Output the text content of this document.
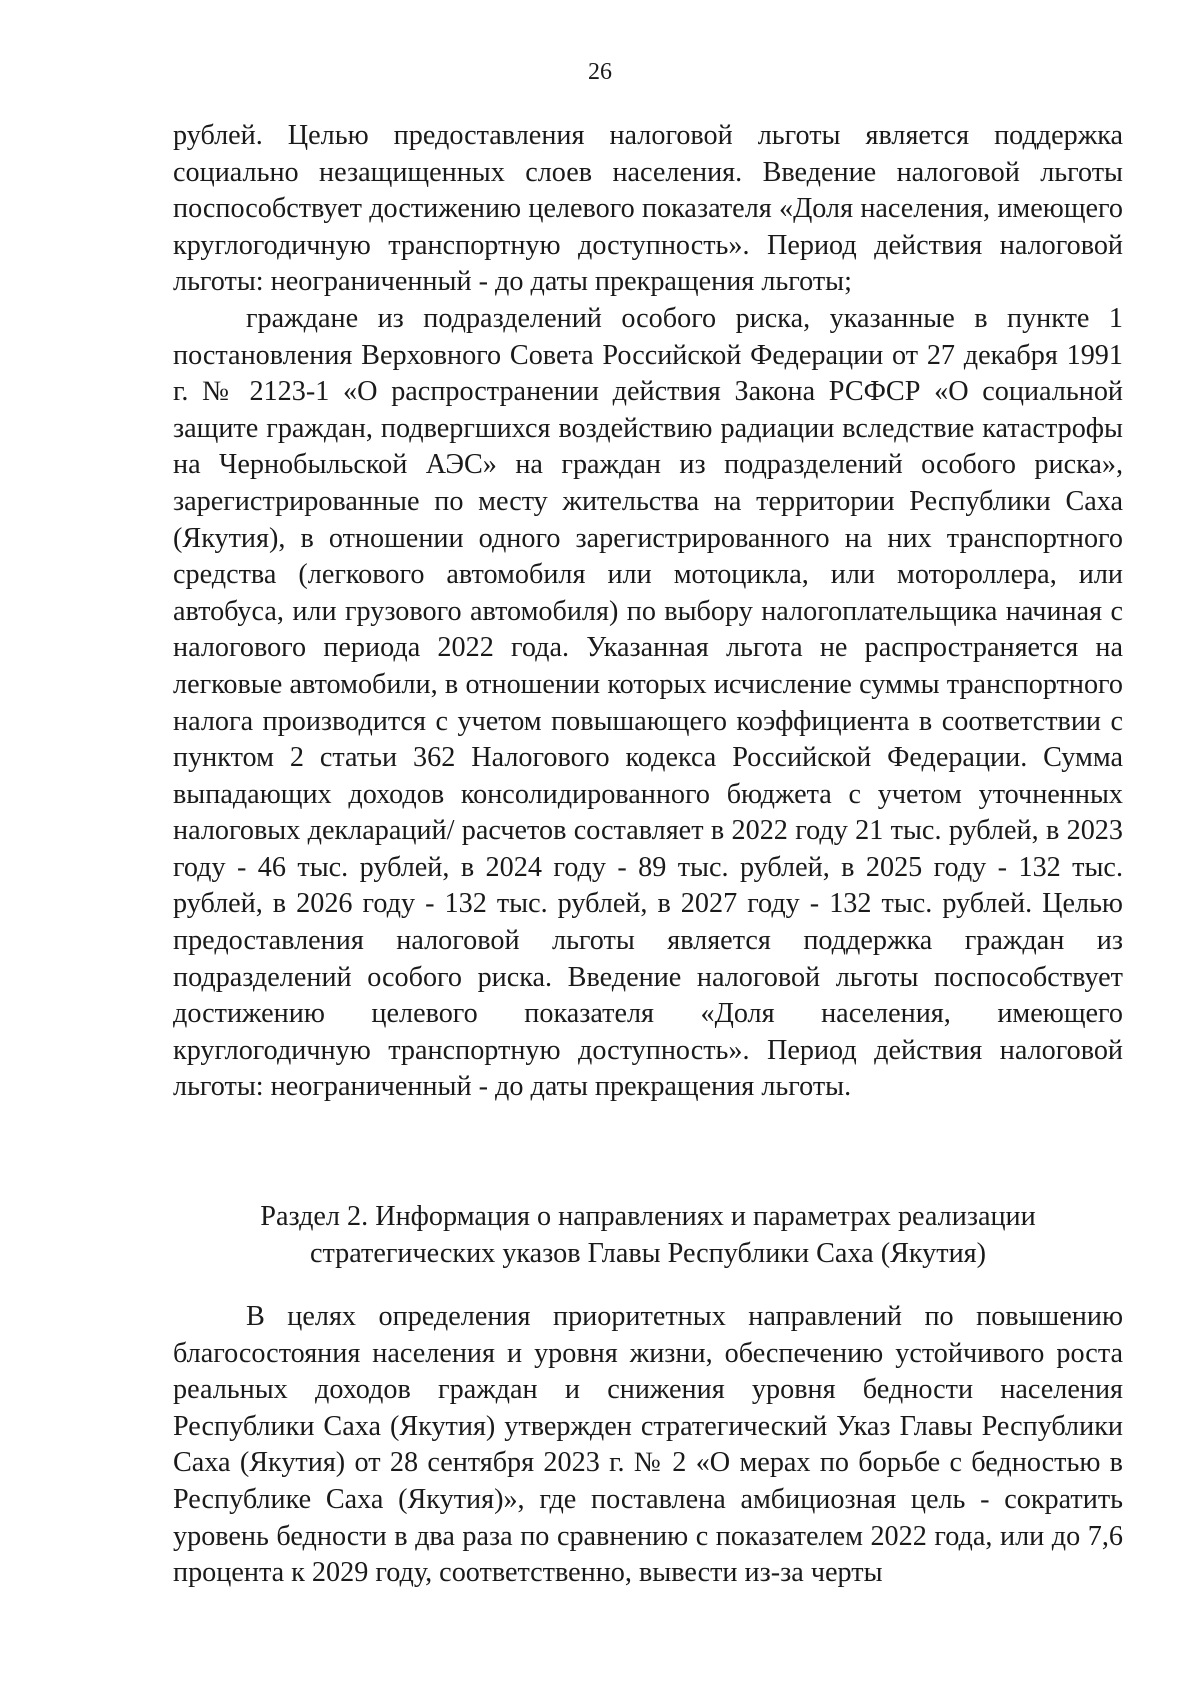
26

рублей. Целью предоставления налоговой льготы является поддержка социально незащищенных слоев населения. Введение налоговой льготы поспособствует достижению целевого показателя «Доля населения, имеющего круглогодичную транспортную доступность». Период действия налоговой льготы: неограниченный - до даты прекращения льготы;

граждане из подразделений особого риска, указанные в пункте 1 постановления Верховного Совета Российской Федерации от 27 декабря 1991 г. № 2123-1 «О распространении действия Закона РСФСР «О социальной защите граждан, подвергшихся воздействию радиации вследствие катастрофы на Чернобыльской АЭС» на граждан из подразделений особого риска», зарегистрированные по месту жительства на территории Республики Саха (Якутия), в отношении одного зарегистрированного на них транспортного средства (легкового автомобиля или мотоцикла, или мотороллера, или автобуса, или грузового автомобиля) по выбору налогоплательщика начиная с налогового периода 2022 года. Указанная льгота не распространяется на легковые автомобили, в отношении которых исчисление суммы транспортного налога производится с учетом повышающего коэффициента в соответствии с пунктом 2 статьи 362 Налогового кодекса Российской Федерации. Сумма выпадающих доходов консолидированного бюджета с учетом уточненных налоговых деклараций/ расчетов составляет в 2022 году 21 тыс. рублей, в 2023 году - 46 тыс. рублей, в 2024 году - 89 тыс. рублей, в 2025 году - 132 тыс. рублей, в 2026 году - 132 тыс. рублей, в 2027 году - 132 тыс. рублей. Целью предоставления налоговой льготы является поддержка граждан из подразделений особого риска. Введение налоговой льготы поспособствует достижению целевого показателя «Доля населения, имеющего круглогодичную транспортную доступность». Период действия налоговой льготы: неограниченный - до даты прекращения льготы.

Раздел 2. Информация о направлениях и параметрах реализации
стратегических указов Главы Республики Саха (Якутия)

В целях определения приоритетных направлений по повышению благосостояния населения и уровня жизни, обеспечению устойчивого роста реальных доходов граждан и снижения уровня бедности населения Республики Саха (Якутия) утвержден стратегический Указ Главы Республики Саха (Якутия) от 28 сентября 2023 г. № 2 «О мерах по борьбе с бедностью в Республике Саха (Якутия)», где поставлена амбициозная цель - сократить уровень бедности в два раза по сравнению с показателем 2022 года, или до 7,6 процента к 2029 году, соответственно, вывести из-за черты
